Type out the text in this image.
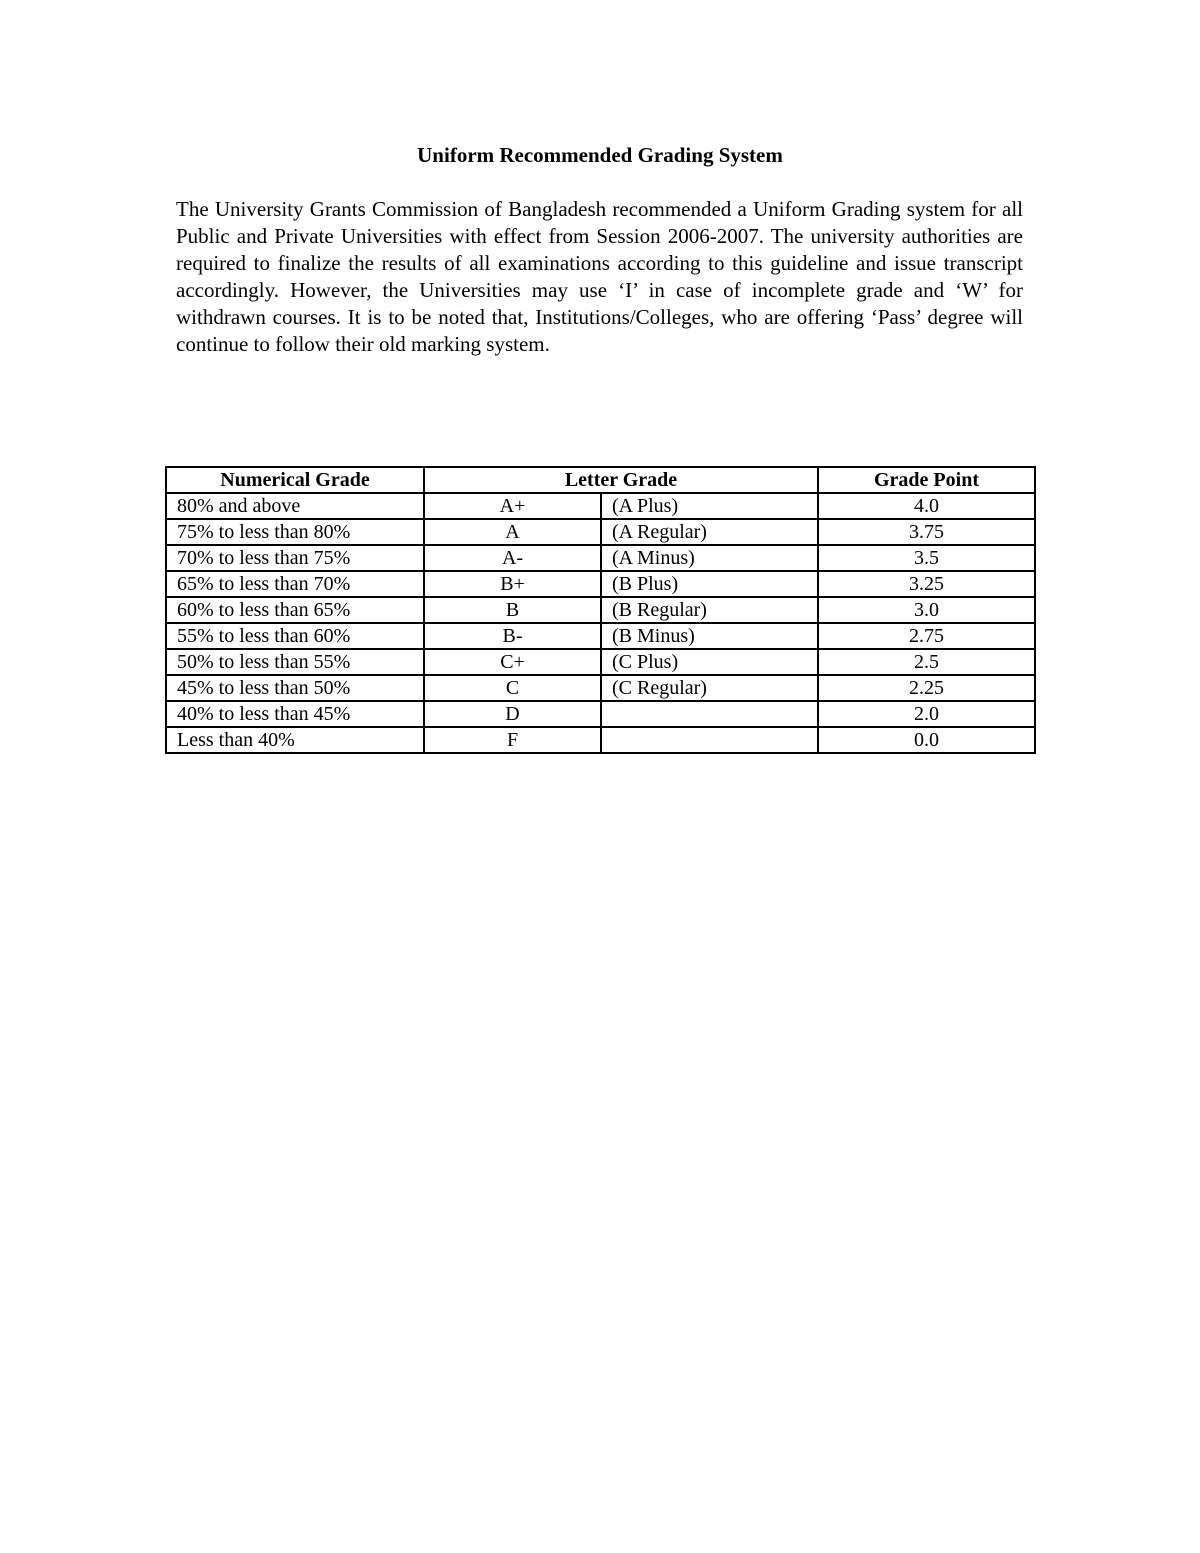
Uniform Recommended Grading System

The University Grants Commission of Bangladesh recommended a Uniform Grading system for all Public and Private Universities with effect from Session 2006-2007. The university authorities are required to finalize the results of all examinations according to this guideline and issue transcript accordingly. However, the Universities may use ‘I’ in case of incomplete grade and ‘W’ for withdrawn courses. It is to be noted that, Institutions/Colleges, who are offering ‘Pass’ degree will continue to follow their old marking system.

Numerical Grade	Letter Grade		Grade Point
80% and above	A+	(A Plus)	4.0
75% to less than 80%	A	(A Regular)	3.75
70% to less than 75%	A-	(A Minus)	3.5
65% to less than 70%	B+	(B Plus)	3.25
60% to less than 65%	B	(B Regular)	3.0
55% to less than 60%	B-	(B Minus)	2.75
50% to less than 55%	C+	(C Plus)	2.5
45% to less than 50%	C	(C Regular)	2.25
40% to less than 45%	D		2.0
Less than 40%	F		0.0
